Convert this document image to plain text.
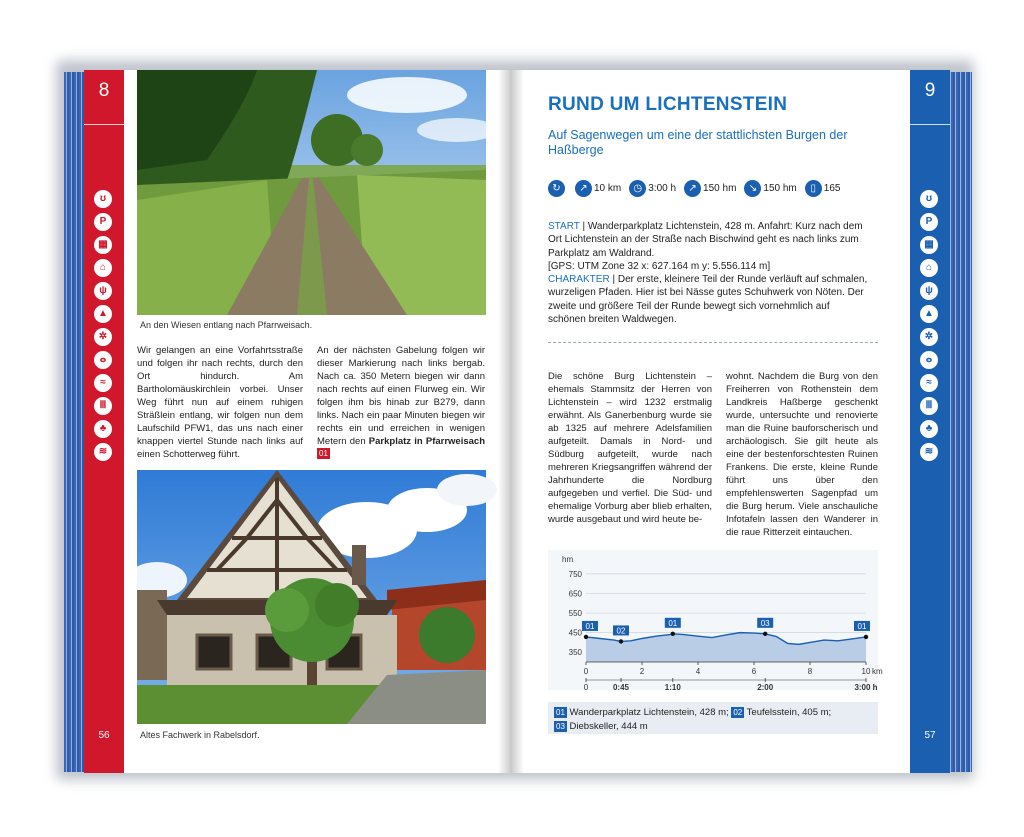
8
ʊ
P
▦
⌂
ψ
▲
✲
ⴰ
≈
Ⅲ
♣
≋
56
An den Wiesen entlang nach Pfarrweisach.
Wir gelangen an eine Vorfahrtsstraße und folgen ihr nach rechts, durch den Ort hindurch. Am Bartholomäuskirchlein vorbei. Unser Weg führt nun auf einem ruhigen Sträßlein entlang, wir folgen nun dem Laufschild PFW1, das uns nach einer knappen viertel Stunde nach links auf einen Schotterweg führt.
An der nächsten Gabelung folgen wir dieser Markierung nach links bergab. Nach ca. 350 Metern biegen wir dann nach rechts auf einen Flurweg ein. Wir folgen ihm bis hinab zur B279, dann links. Nach ein paar Minuten biegen wir rechts ein und erreichen in wenigen Metern den Parkplatz in Pfarrweisach 01
Altes Fachwerk in Rabelsdorf.
9
ʊ
P
▦
⌂
ψ
▲
✲
ⴰ
≈
Ⅲ
♣
≋
57
RUND UM LICHTENSTEIN
Auf Sagenwegen um eine der stattlichsten Burgen der Haßberge
↻	↗ 10 km	◷ 3:00 h	↗ 150 hm	↘ 150 hm	▯ 165
START | Wanderparkplatz Lichtenstein, 428 m. Anfahrt: Kurz nach dem Ort Lichtenstein an der Straße nach Bischwind geht es nach links zum Parkplatz am Waldrand.
[GPS: UTM Zone 32 x: 627.164 m y: 5.556.114 m]
CHARAKTER | Der erste, kleinere Teil der Runde verläuft auf schmalen, wurzeligen Pfaden. Hier ist bei Nässe gutes Schuhwerk von Nöten. Der zweite und größere Teil der Runde bewegt sich vornehmlich auf schönen breiten Waldwegen.
Die schöne Burg Lichtenstein – ehemals Stammsitz der Herren von Lichtenstein – wird 1232 erstmalig erwähnt. Als Ganerbenburg wurde sie ab 1325 auf mehrere Adelsfamilien aufgeteilt. Damals in Nord- und Südburg aufgeteilt, wurde nach mehreren Kriegsangriffen während der Jahrhunderte die Nordburg aufgegeben und verfiel. Die Süd- und ehemalige Vorburg aber blieb erhalten, wurde ausgebaut und wird heute be-
wohnt. Nachdem die Burg von den Freiherren von Rothenstein dem Landkreis Haßberge geschenkt wurde, untersuchte und renovierte man die Ruine bauforscherisch und archäologisch. Sie gilt heute als eine der bestenforschtesten Ruinen Frankens. Die erste, kleine Runde führt uns über den empfehlenswerten Sagenpfad um die Burg herum. Viele anschauliche Infotafeln lassen den Wanderer in die raue Ritterzeit eintauchen.
350
450
550
650
750
hm
0	2	4	6	8	10 km
0	0:45	1:10	2:00	3:00 h
01
02
01	03	01
01 Wanderparkplatz Lichtenstein, 428 m; 02 Teufelsstein, 405 m;
03 Diebskeller, 444 m
